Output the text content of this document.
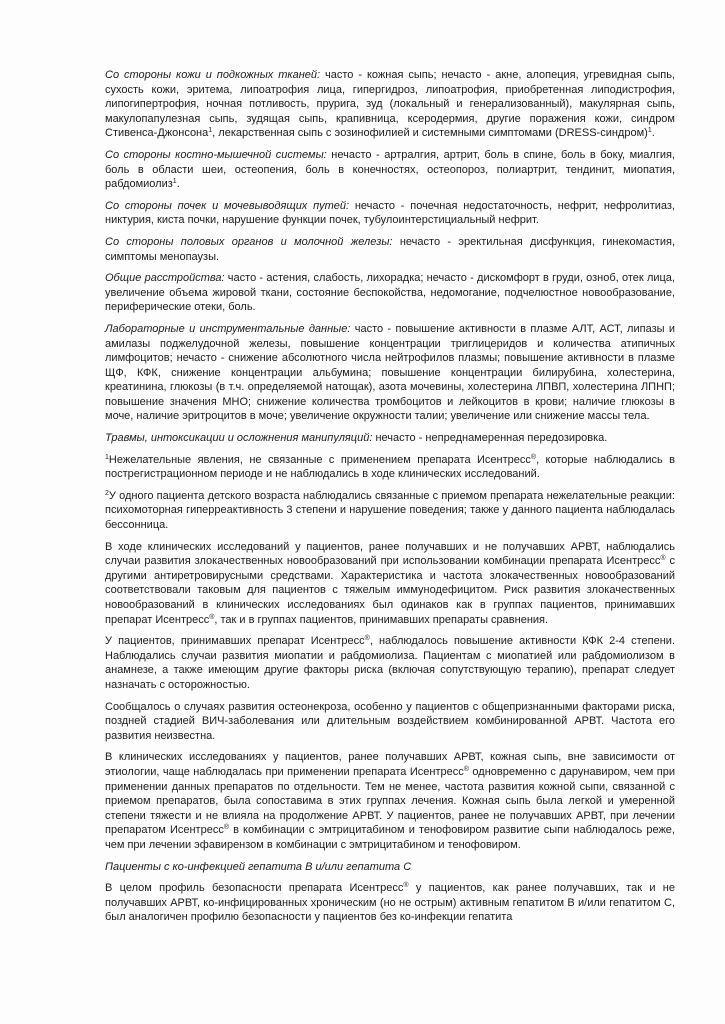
Со стороны кожи и подкожных тканей: часто - кожная сыпь; нечасто - акне, алопеция, угревидная сыпь, сухость кожи, эритема, липоатрофия лица, гипергидроз, липоатрофия, приобретенная липодистрофия, липогипертрофия, ночная потливость, прурига, зуд (локальный и генерализованный), макулярная сыпь, макулопапулезная сыпь, зудящая сыпь, крапивница, ксеродермия, другие поражения кожи, синдром Стивенса-Джонсона$^1$, лекарственная сыпь с эозинофилией и системными симптомами (DRESS-синдром)$^1$.

Со стороны костно-мышечной системы: нечасто - артралгия, артрит, боль в спине, боль в боку, миалгия, боль в области шеи, остеопения, боль в конечностях, остеопороз, полиартрит, тендинит, миопатия, рабдомиолиз$^1$.

Со стороны почек и мочевыводящих путей: нечасто - почечная недостаточность, нефрит, нефролитиаз, никтурия, киста почки, нарушение функции почек, тубулоинтерстициальный нефрит.

Со стороны половых органов и молочной железы: нечасто - эректильная дисфункция, гинекомастия, симптомы менопаузы.

Общие расстройства: часто - астения, слабость, лихорадка; нечасто - дискомфорт в груди, озноб, отек лица, увеличение объема жировой ткани, состояние беспокойства, недомогание, подчелюстное новообразование, периферические отеки, боль.

Лабораторные и инструментальные данные: часто - повышение активности в плазме АЛТ, АСТ, липазы и амилазы поджелудочной железы, повышение концентрации триглицеридов и количества атипичных лимфоцитов; нечасто - снижение абсолютного числа нейтрофилов плазмы; повышение активности в плазме ЩФ, КФК, снижение концентрации альбумина; повышение концентрации билирубина, холестерина, креатинина, глюкозы (в т.ч. определяемой натощак), азота мочевины, холестерина ЛПВП, холестерина ЛПНП; повышение значения МНО; снижение количества тромбоцитов и лейкоцитов в крови; наличие глюкозы в моче, наличие эритроцитов в моче; увеличение окружности талии; увеличение или снижение массы тела.

Травмы, интоксикации и осложнения манипуляций: нечасто - непреднамеренная передозировка.

$^1$Нежелательные явления, не связанные с применением препарата Исентресс®, которые наблюдались в пострегистрационном периоде и не наблюдались в ходе клинических исследований.

$^2$У одного пациента детского возраста наблюдались связанные с приемом препарата нежелательные реакции: психомоторная гиперреактивность 3 степени и нарушение поведения; также у данного пациента наблюдалась бессонница.

В ходе клинических исследований у пациентов, ранее получавших и не получавших АРВТ, наблюдались случаи развития злокачественных новообразований при использовании комбинации препарата Исентресс® с другими антиретровирусными средствами. Характеристика и частота злокачественных новообразований соответствовали таковым для пациентов с тяжелым иммунодефицитом. Риск развития злокачественных новообразований в клинических исследованиях был одинаков как в группах пациентов, принимавших препарат Исентресс®, так и в группах пациентов, принимавших препараты сравнения.

У пациентов, принимавших препарат Исентресс®, наблюдалось повышение активности КФК 2-4 степени. Наблюдались случаи развития миопатии и рабдомиолиза. Пациентам с миопатией или рабдомиолизом в анамнезе, а также имеющим другие факторы риска (включая сопутствующую терапию), препарат следует назначать с осторожностью.

Сообщалось о случаях развития остеонекроза, особенно у пациентов с общепризнанными факторами риска, поздней стадией ВИЧ-заболевания или длительным воздействием комбинированной АРВТ. Частота его развития неизвестна.

В клинических исследованиях у пациентов, ранее получавших АРВТ, кожная сыпь, вне зависимости от этиологии, чаще наблюдалась при применении препарата Исентресс® одновременно с дарунавиром, чем при применении данных препаратов по отдельности. Тем не менее, частота развития кожной сыпи, связанной с приемом препаратов, была сопоставима в этих группах лечения. Кожная сыпь была легкой и умеренной степени тяжести и не влияла на продолжение АРВТ. У пациентов, ранее не получавших АРВТ, при лечении препаратом Исентресс® в комбинации с эмтрицитабином и тенофовиром развитие сыпи наблюдалось реже, чем при лечении эфавирензом в комбинации с эмтрицитабином и тенофовиром.

Пациенты с ко-инфекцией гепатита В и/или гепатита С

В целом профиль безопасности препарата Исентресс® у пациентов, как ранее получавших, так и не получавших АРВТ, ко-инфицированных хроническим (но не острым) активным гепатитом В и/или гепатитом С, был аналогичен профилю безопасности у пациентов без ко-инфекции гепатита
